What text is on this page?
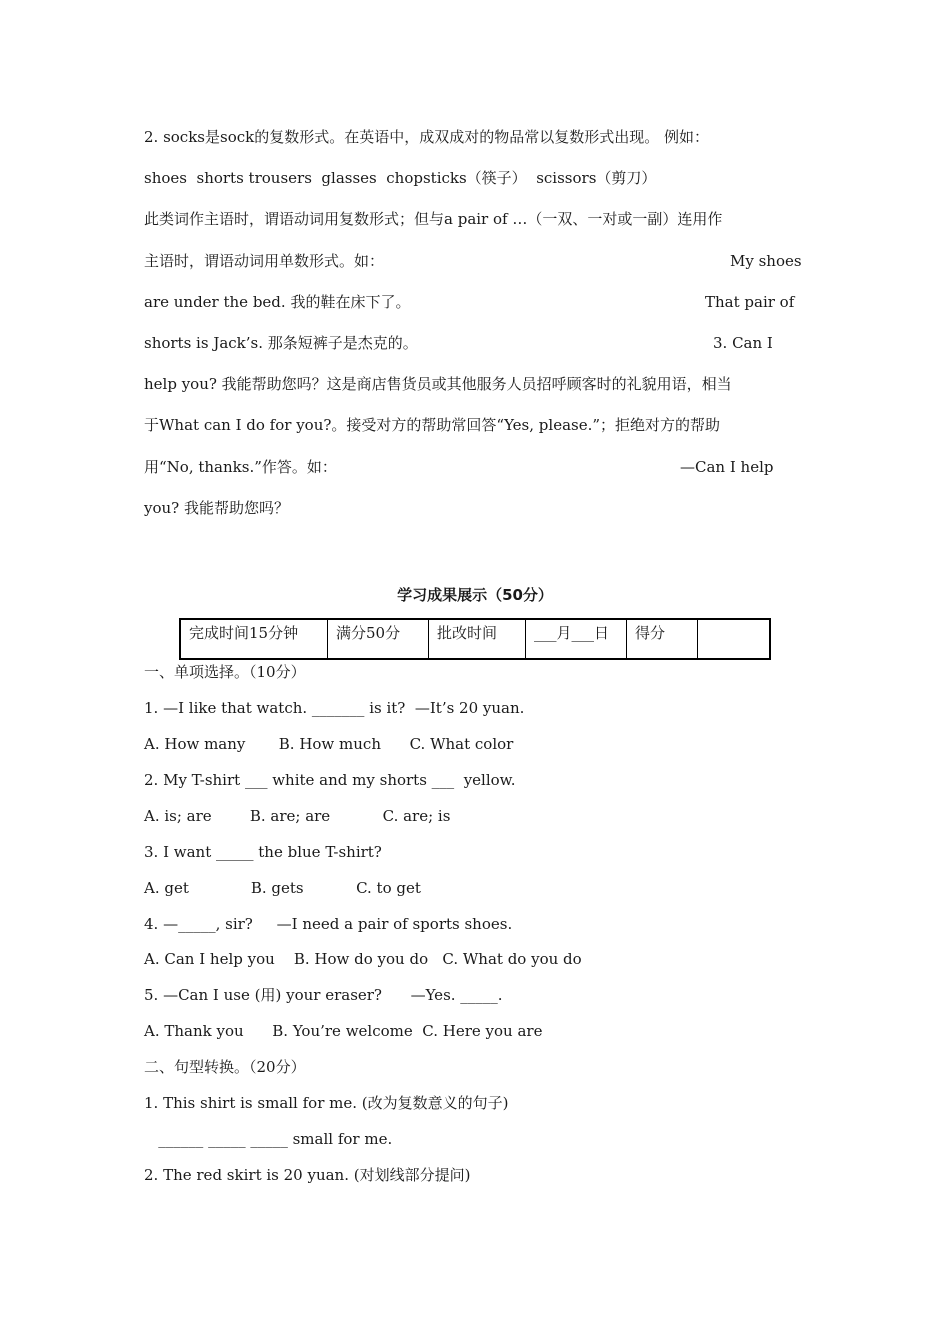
2. socks是sock的复数形式。在英语中，成双成对的物品常以复数形式出现。 例如：
shoes  shorts trousers  glasses  chopsticks（筷子）  scissors（剪刀）
此类词作主语时，谓语动词用复数形式；但与a pair of …（一双、一对或一副）连用作
主语时，谓语动词用单数形式。如：	My shoes
are under the bed. 我的鞋在床下了。	That pair of
shorts is Jack’s. 那条短裤子是杰克的。	3. Can I
help you? 我能帮助您吗？这是商店售货员或其他服务人员招呼顾客时的礼貌用语，相当
于What can I do for you?。接受对方的帮助常回答“Yes, please.”；拒绝对方的帮助
用“No, thanks.”作答。如：	—Can I help
you? 我能帮助您吗？
学习成果展示（50分）
完成时间15分钟	满分50分	批改时间	___月___日	得分	
一、单项选择。（10分）
1. —I like that watch. _______ is it?  —It’s 20 yuan.
A. How many       B. How much      C. What color
2. My T-shirt ___ white and my shorts ___  yellow.
A. is; are        B. are; are           C. are; is
3. I want _____ the blue T-shirt?
A. get             B. gets           C. to get
4. —_____, sir?     —I need a pair of sports shoes.
A. Can I help you    B. How do you do   C. What do you do
5. —Can I use (用) your eraser?      —Yes. _____.
A. Thank you      B. You’re welcome  C. Here you are
二、句型转换。（20分）
1. This shirt is small for me. (改为复数意义的句子)
______ _____ _____ small for me.
2. The red skirt is 20 yuan. (对划线部分提问)
